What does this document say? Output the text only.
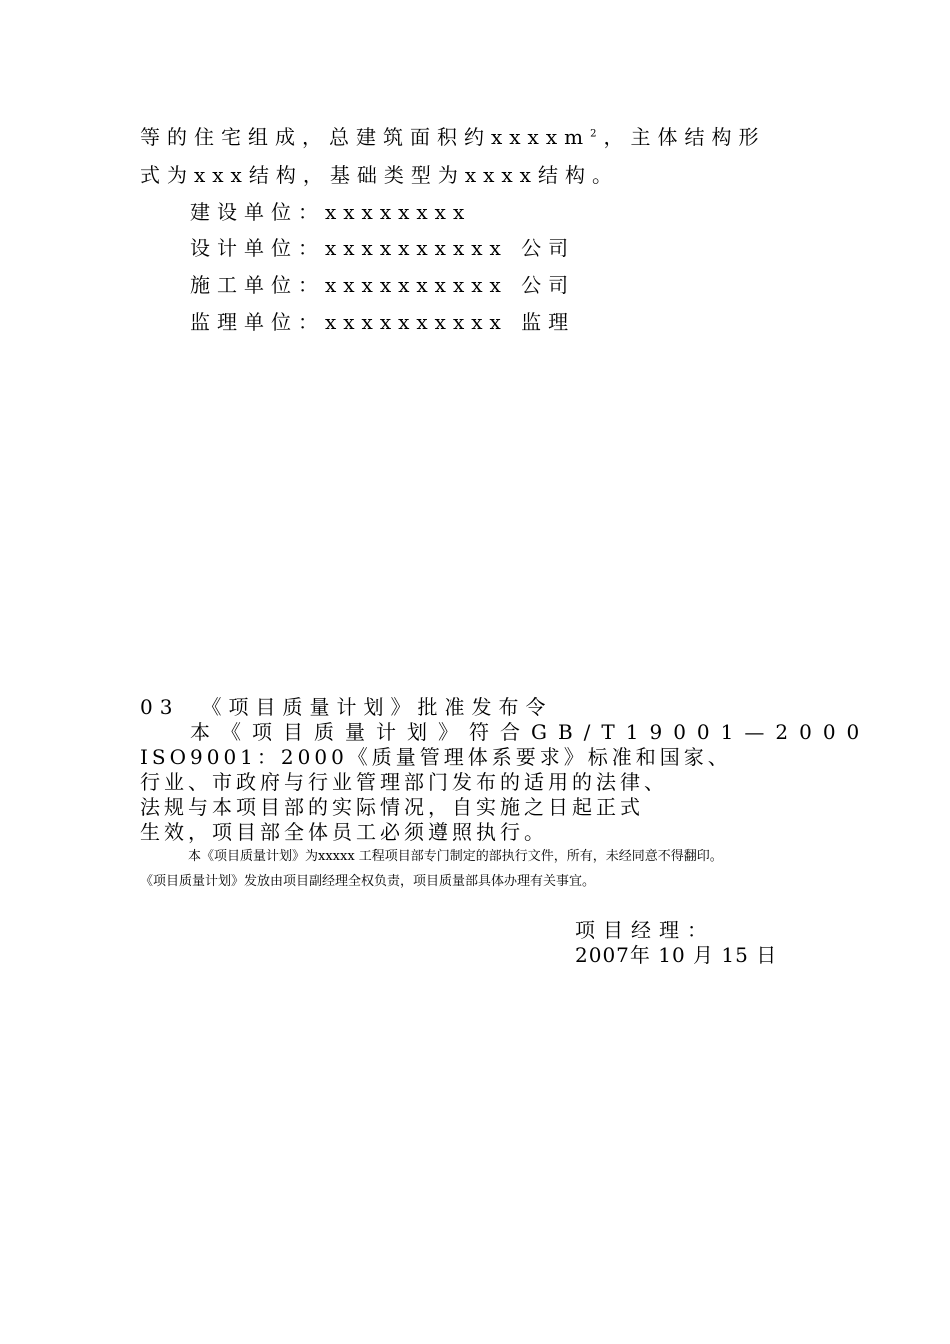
等的住宅组成，总建筑面积约xxxxm$^2$，主体结构形
式为xxx结构，基础类型为xxxx结构。
建设单位：xxxxxxxx
设计单位：xxxxxxxxxx 公司
施工单位：xxxxxxxxxx 公司
监理单位：xxxxxxxxxx 监理
03 《项目质量计划》批准发布令
本《项目质量计划》符合GB/T19001—2000
ISO9001：2000《质量管理体系要求》标准和国家、
行业、市政府与行业管理部门发布的适用的法律、
法规与本项目部的实际情况，自实施之日起正式
生效，项目部全体员工必须遵照执行。
本《项目质量计划》为xxxxx 工程项目部专门制定的部执行文件，所有，未经同意不得翻印。
《项目质量计划》发放由项目副经理全权负责，项目质量部具体办理有关事宜。
项目经理：
2007年 10 月 15 日
